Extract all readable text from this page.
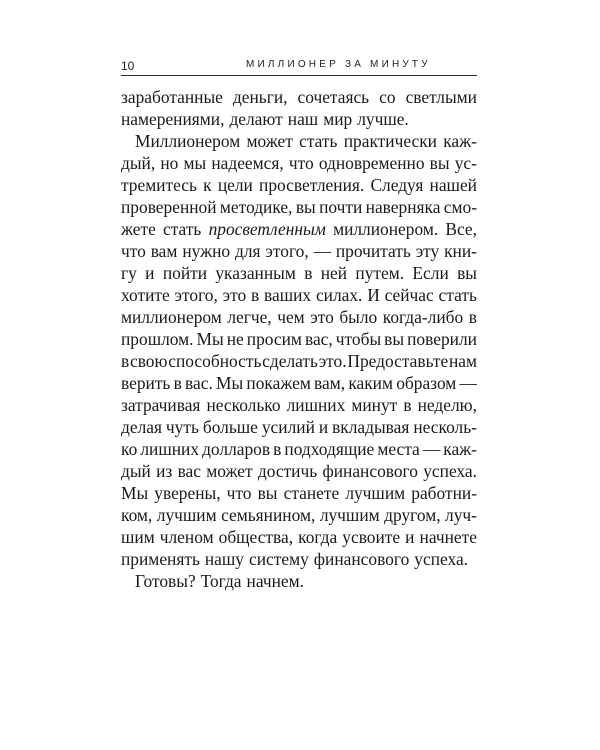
10	МИЛЛИОНЕР ЗА МИНУТУ
заработанные деньги, сочетаясь со светлыми
намерениями, делают наш мир лучше.
Миллионером может стать практически каж-
дый, но мы надеемся, что одновременно вы ус-
тремитесь к цели просветления. Следуя нашей
проверенной методике, вы почти наверняка смо-
жете стать просветленным миллионером. Все,
что вам нужно для этого, — прочитать эту кни-
гу и пойти указанным в ней путем. Если вы
хотите этого, это в ваших силах. И сейчас стать
миллионером легче, чем это было когда-либо в
прошлом. Мы не просим вас, чтобы вы поверили
в свою способность сделать это. Предоставьте нам
верить в вас. Мы покажем вам, каким образом —
затрачивая несколько лишних минут в неделю,
делая чуть больше усилий и вкладывая несколь-
ко лишних долларов в подходящие места — каж-
дый из вас может достичь финансового успеха.
Мы уверены, что вы станете лучшим работни-
ком, лучшим семьянином, лучшим другом, луч-
шим членом общества, когда усвоите и начнете
применять нашу систему финансового успеха.
Готовы? Тогда начнем.
